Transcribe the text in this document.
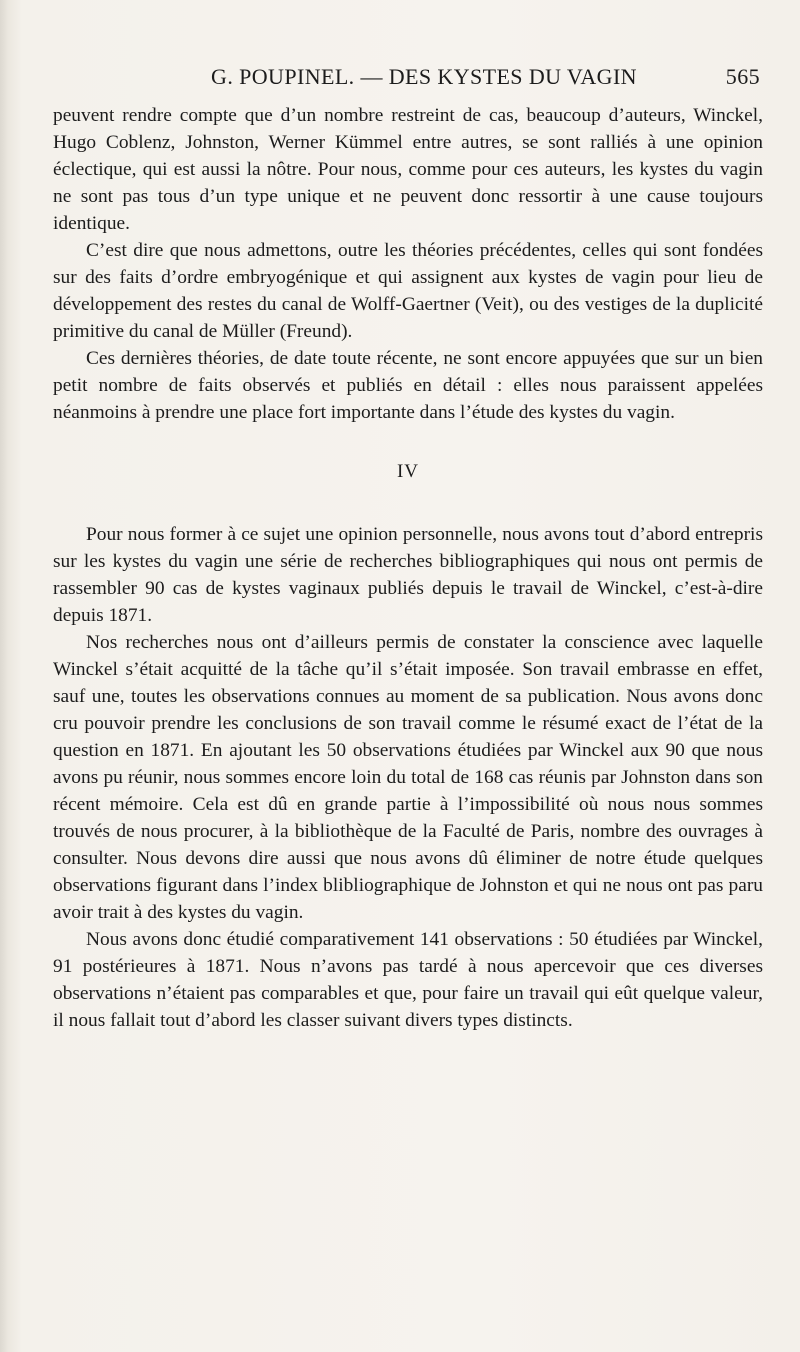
G. POUPINEL. — DES KYSTES DU VAGIN	565

peuvent rendre compte que d’un nombre restreint de cas, beaucoup d’auteurs, Winckel, Hugo Coblenz, Johnston, Werner Kümmel entre autres, se sont ralliés à une opinion éclectique, qui est aussi la nôtre. Pour nous, comme pour ces auteurs, les kystes du vagin ne sont pas tous d’un type unique et ne peuvent donc ressortir à une cause toujours identique.

C’est dire que nous admettons, outre les théories précédentes, celles qui sont fondées sur des faits d’ordre embryogénique et qui assignent aux kystes de vagin pour lieu de développement des restes du canal de Wolff-Gaertner (Veit), ou des vestiges de la duplicité primitive du canal de Müller (Freund).

Ces dernières théories, de date toute récente, ne sont encore appuyées que sur un bien petit nombre de faits observés et publiés en détail : elles nous paraissent appelées néanmoins à prendre une place fort importante dans l’étude des kystes du vagin.

IV

Pour nous former à ce sujet une opinion personnelle, nous avons tout d’abord entrepris sur les kystes du vagin une série de recherches bibliographiques qui nous ont permis de rassembler 90 cas de kystes vaginaux publiés depuis le travail de Winckel, c’est-à-dire depuis 1871.

Nos recherches nous ont d’ailleurs permis de constater la conscience avec laquelle Winckel s’était acquitté de la tâche qu’il s’était imposée. Son travail embrasse en effet, sauf une, toutes les observations connues au moment de sa publication. Nous avons donc cru pouvoir prendre les conclusions de son travail comme le résumé exact de l’état de la question en 1871. En ajoutant les 50 observations étudiées par Winckel aux 90 que nous avons pu réunir, nous sommes encore loin du total de 168 cas réunis par Johnston dans son récent mémoire. Cela est dû en grande partie à l’impossibilité où nous nous sommes trouvés de nous procurer, à la bibliothèque de la Faculté de Paris, nombre des ouvrages à consulter. Nous devons dire aussi que nous avons dû éliminer de notre étude quelques observations figurant dans l’index blibliographique de Johnston et qui ne nous ont pas paru avoir trait à des kystes du vagin.

Nous avons donc étudié comparativement 141 observations : 50 étudiées par Winckel, 91 postérieures à 1871. Nous n’avons pas tardé à nous apercevoir que ces diverses observations n’étaient pas comparables et que, pour faire un travail qui eût quelque valeur, il nous fallait tout d’abord les classer suivant divers types distincts.
